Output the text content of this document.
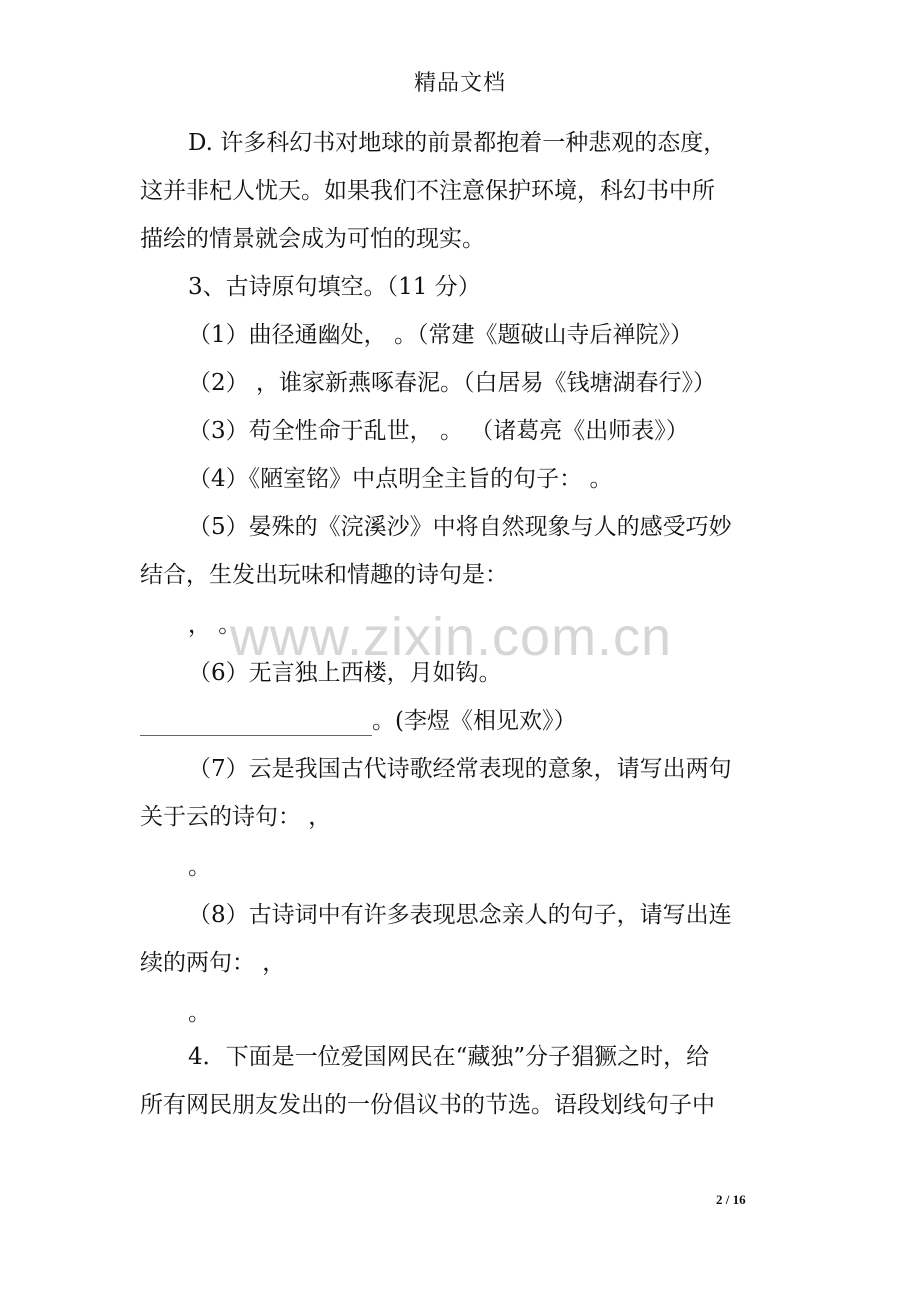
精品文档
D. 许多科幻书对地球的前景都抱着一种悲观的态度，
这并非杞人忧天。如果我们不注意保护环境，科幻书中所
描绘的情景就会成为可怕的现实。
3、古诗原句填空。（11 分）
（1）曲径通幽处， 。（常建《题破山寺后禅院》）
（2） ，谁家新燕啄春泥。（白居易《钱塘湖春行》）
（3）苟全性命于乱世， 。 （诸葛亮《出师表》）
（4）《陋室铭》中点明全主旨的句子： 。
（5）晏殊的《浣溪沙》中将自然现象与人的感受巧妙
结合，生发出玩味和情趣的诗句是：
， 。
（6）无言独上西楼，月如钩。
。(李煜《相见欢》）
（7）云是我国古代诗歌经常表现的意象，请写出两句
关于云的诗句： ，
。
（8）古诗词中有许多表现思念亲人的句子，请写出连
续的两句： ，
。
4．下面是一位爱国网民在“藏独”分子猖獗之时，给
所有网民朋友发出的一份倡议书的节选。语段划线句子中
www.zixin.com.cn
2 / 16
